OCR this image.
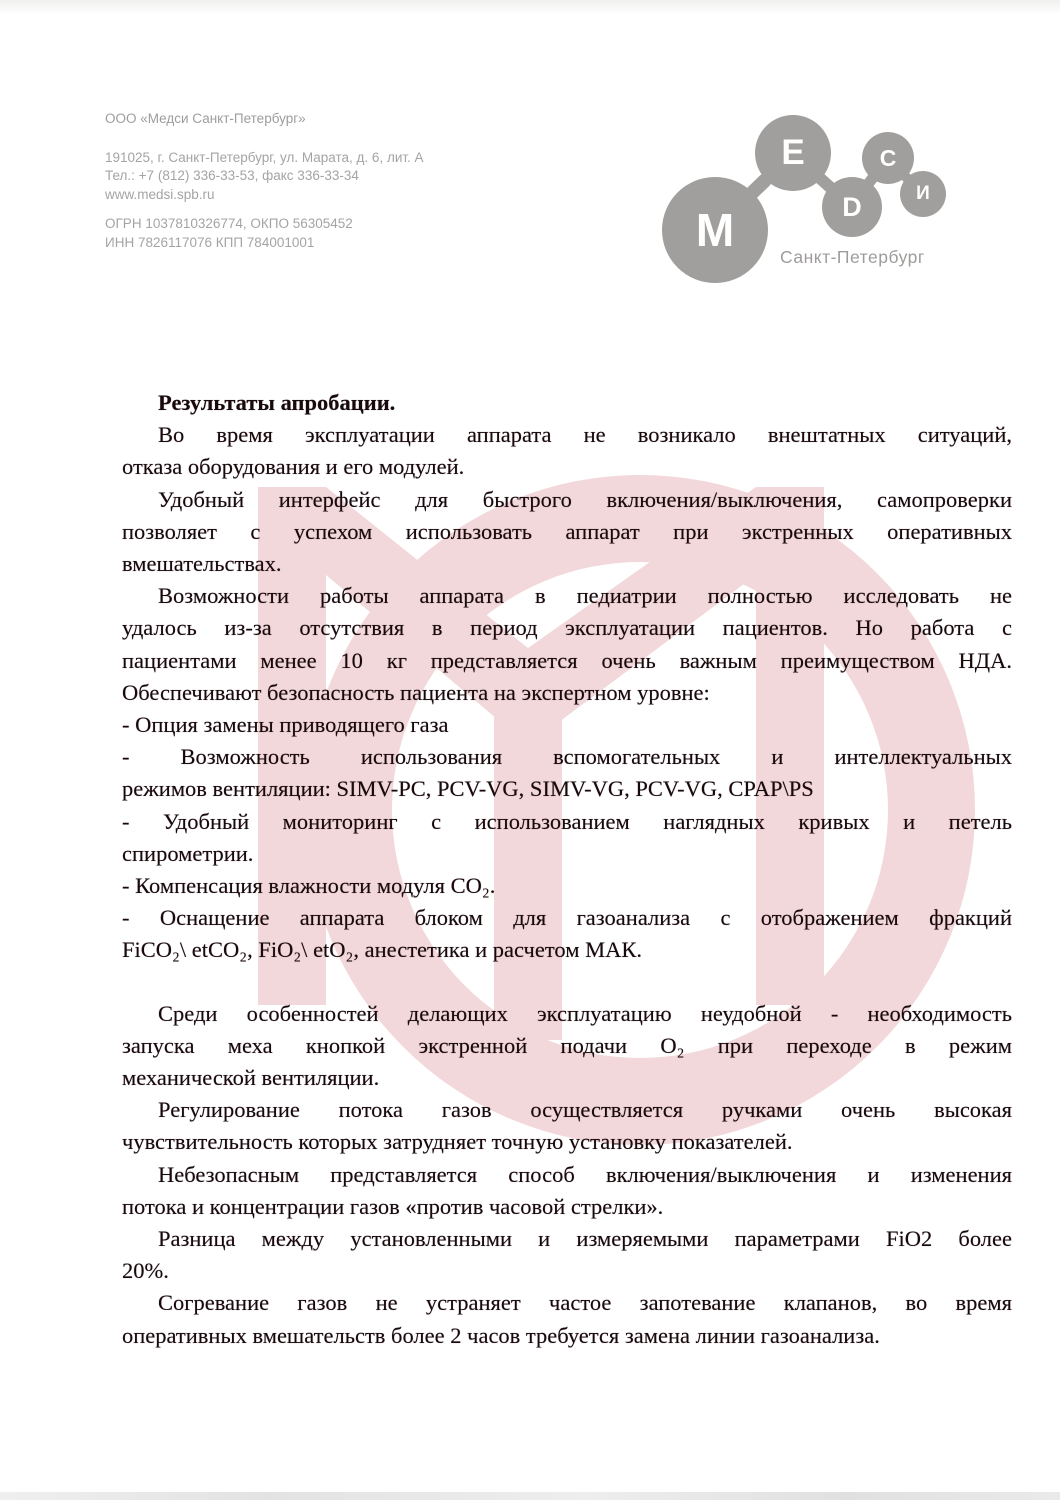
ООО «Медси Санкт-Петербург»
191025, г. Санкт-Петербург, ул. Марата, д. 6, лит. А
Тел.: +7 (812) 336-33-53, факс 336-33-34
www.medsi.spb.ru
ОГРН 1037810326774, ОКПО 56305452
ИНН 7826117076 КПП 784001001	М
Е
D
С
И
Санкт-Петербург
Результаты апробации.
Во время эксплуатации аппарата не возникало внештатных ситуаций,
отказа оборудования и его модулей.
Удобный интерфейс для быстрого включения/выключения, самопроверки
позволяет с успехом использовать аппарат при экстренных оперативных
вмешательствах.
Возможности работы аппарата в педиатрии полностью исследовать не
удалось из-за отсутствия в период эксплуатации пациентов. Но работа с
пациентами менее 10 кг представляется очень важным преимуществом НДА.
Обеспечивают безопасность пациента на экспертном уровне:
- Опция замены приводящего газа
- Возможность использования вспомогательных и интеллектуальных
режимов вентиляции: SIMV-PC, PCV-VG, SIMV-VG, PCV-VG, CPAP\PS
- Удобный мониторинг с использованием наглядных кривых и петель
спирометрии.
- Компенсация влажности модуля CO₂.
- Оснащение аппарата блоком для газоанализа с отображением фракций
FiCO₂\ etCO₂, FiO₂\ etO₂, анестетика и расчетом МАК.
Среди особенностей делающих эксплуатацию неудобной - необходимость
запуска меха кнопкой экстренной подачи O₂ при переходе в режим
механической вентиляции.
Регулирование потока газов осуществляется ручками очень высокая
чувствительность которых затрудняет точную установку показателей.
Небезопасным представляется способ включения/выключения и изменения
потока и концентрации газов «против часовой стрелки».
Разница между установленными и измеряемыми параметрами FiO2 более
20%.
Согревание газов не устраняет частое запотевание клапанов, во время
оперативных вмешательств более 2 часов требуется замена линии газоанализа.
